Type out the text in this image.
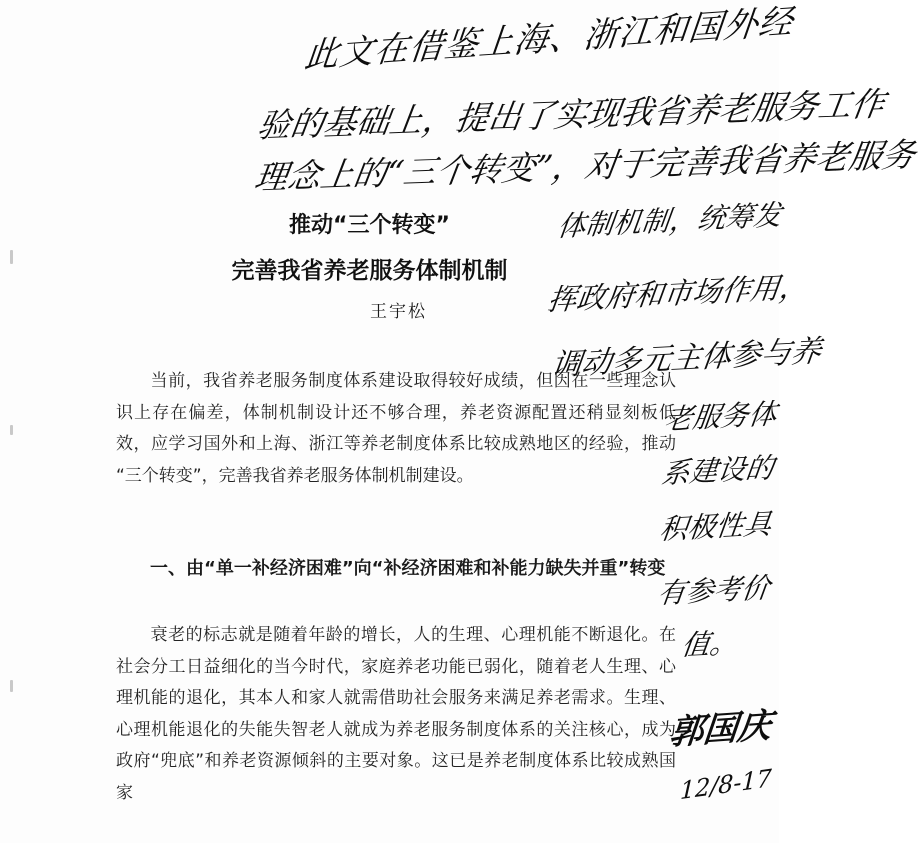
推动“三个转变”
完善我省养老服务体制机制
王宇松
当前，我省养老服务制度体系建设取得较好成绩，但因在一些理念认识上存在偏差，体制机制设计还不够合理，养老资源配置还稍显刻板低效，应学习国外和上海、浙江等养老制度体系比较成熟地区的经验，推动 “三个转变”，完善我省养老服务体制机制建设。
一、由“单一补经济困难”向“补经济困难和补能力缺失并重”转变
衰老的标志就是随着年龄的增长，人的生理、心理机能不断退化。在社会分工日益细化的当今时代，家庭养老功能已弱化，随着老人生理、心理机能的退化，其本人和家人就需借助社会服务来满足养老需求。生理、心理机能退化的失能失智老人就成为养老服务制度体系的关注核心，成为政府“兜底”和养老资源倾斜的主要对象。这已是养老制度体系比较成熟国家
此文在借鉴上海、浙江和国外经
验的基础上，提出了实现我省养老服务工作
理念上的“三个转变”，对于完善我省养老服务
体制机制，统筹发
挥政府和市场作用，
调动多元主体参与养
老服务体
系建设的
积极性具
有参考价
值。
郭国庆
12/8-17
